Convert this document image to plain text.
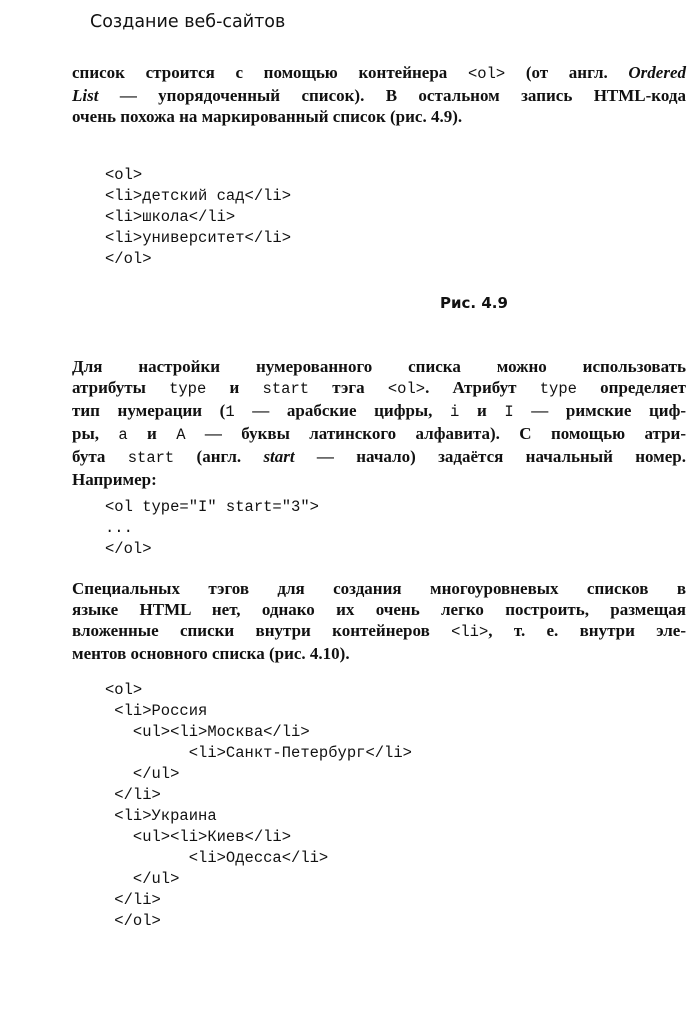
Создание веб-сайтов

список строится с помощью контейнера <ol> (от англ. Ordered
List — упорядоченный список). В остальном запись HTML-кода
очень похожа на маркированный список (рис. 4.9).

<ol>
<li>детский сад</li>
<li>школа</li>
<li>университет</li>
</ol>
Рис. 4.9

Для настройки нумерованного списка можно использовать
атрибуты type и start тэга <ol>. Атрибут type определяет
тип нумерации (1 — арабские цифры, i и I — римские циф-
ры, a и A — буквы латинского алфавита). С помощью атри-
бута start (англ. start — начало) задаётся начальный номер.
Например:

<ol type="I" start="3">
...
</ol>

Специальных тэгов для создания многоуровневых списков в
языке HTML нет, однако их очень легко построить, размещая
вложенные списки внутри контейнеров <li>, т. е. внутри эле-
ментов основного списка (рис. 4.10).

<ol>
<li>Россия
<ul><li>Москва</li>
<li>Санкт-Петербург</li>
</ul>
</li>
<li>Украина
<ul><li>Киев</li>
<li>Одесса</li>
</ul>
</li>
</ol>
